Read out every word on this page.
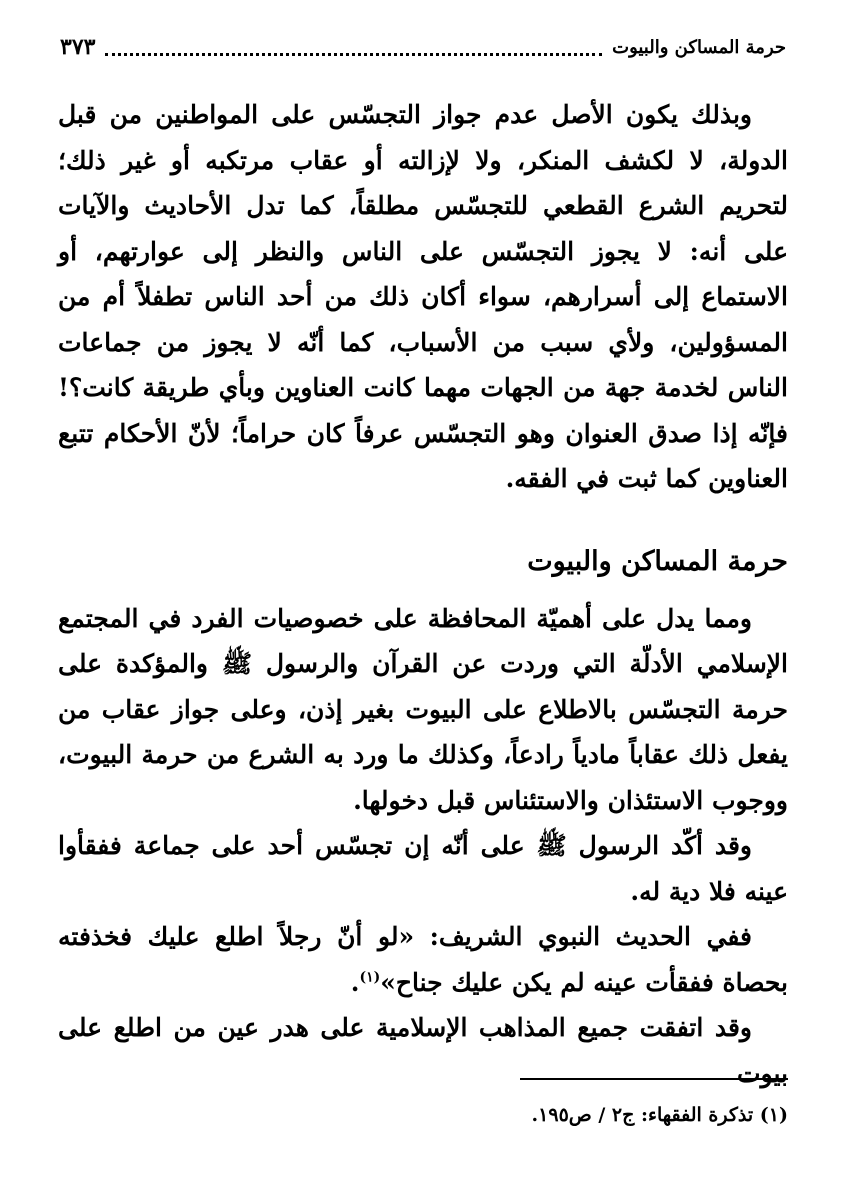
حرمة المساكن والبيوت
٣٧٣

وبذلك يكون الأصل عدم جواز التجسّس على المواطنين من قبل الدولة، لا لكشف المنكر، ولا لإزالته أو عقاب مرتكبه أو غير ذلك؛ لتحريم الشرع القطعي للتجسّس مطلقاً، كما تدل الأحاديث والآيات على أنه: لا يجوز التجسّس على الناس والنظر إلى عوارتهم، أو الاستماع إلى أسرارهم، سواء أكان ذلك من أحد الناس تطفلاً أم من المسؤولين، ولأي سبب من الأسباب، كما أنّه لا يجوز من جماعات الناس لخدمة جهة من الجهات مهما كانت العناوين وبأي طريقة كانت؟! فإنّه إذا صدق العنوان وهو التجسّس عرفاً كان حراماً؛ لأنّ الأحكام تتبع العناوين كما ثبت في الفقه.

حرمة المساكن والبيوت

ومما يدل على أهميّة المحافظة على خصوصيات الفرد في المجتمع الإسلامي الأدلّة التي وردت عن القرآن والرسول ﷺ والمؤكدة على حرمة التجسّس بالاطلاع على البيوت بغير إذن، وعلى جواز عقاب من يفعل ذلك عقاباً مادياً رادعاً، وكذلك ما ورد به الشرع من حرمة البيوت، ووجوب الاستئذان والاستئناس قبل دخولها.

وقد أكّد الرسول ﷺ على أنّه إن تجسّس أحد على جماعة ففقأوا عينه فلا دية له.

ففي الحديث النبوي الشريف: «لو أنّ رجلاً اطلع عليك فخذفته بحصاة ففقأت عينه لم يكن عليك جناح»$^{(١)}$.

وقد اتفقت جميع المذاهب الإسلامية على هدر عين من اطلع على بيوت

(١) تذكرة الفقهاء: ج٢ / ص١٩٥.
